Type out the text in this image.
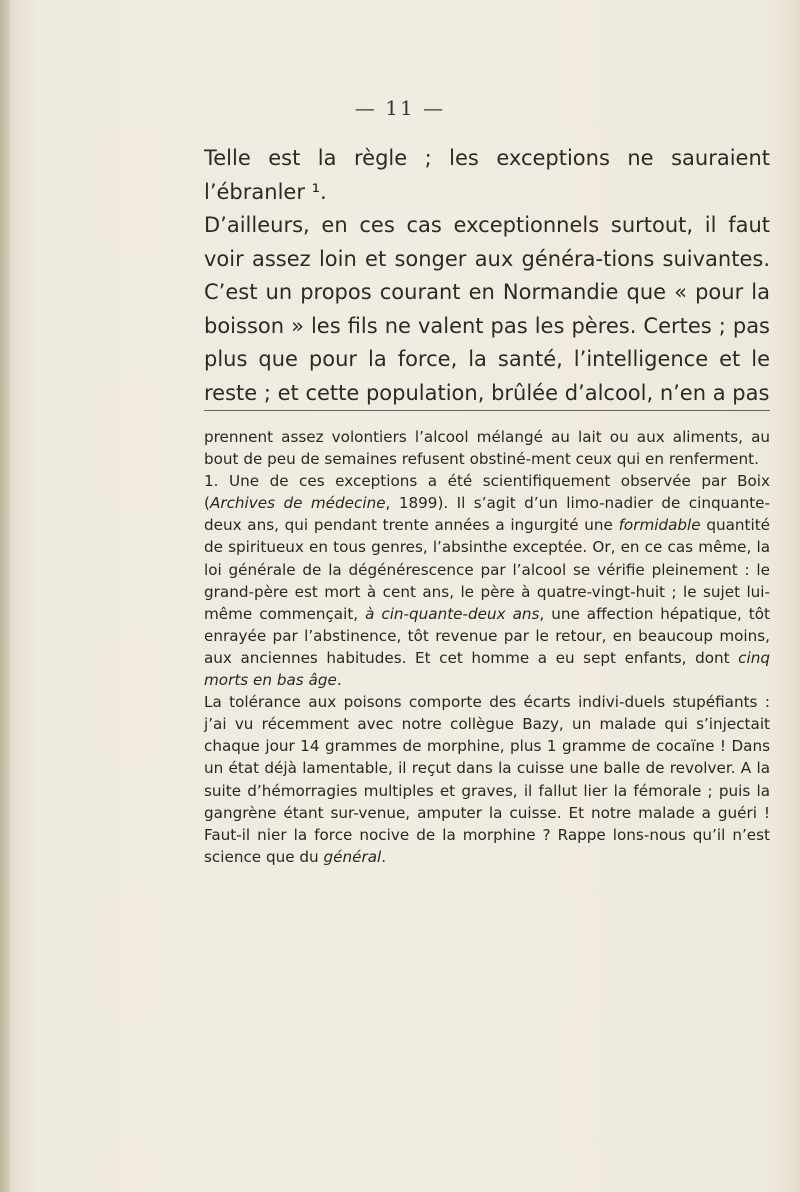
— 11 —

Telle est la règle ; les exceptions ne sauraient l’ébranler ¹.

D’ailleurs, en ces cas exceptionnels surtout, il faut voir assez loin et songer aux généra-tions suivantes. C’est un propos courant en Normandie que « pour la boisson » les fils ne valent pas les pères. Certes ; pas plus que pour la force, la santé, l’intelligence et le reste ; et cette population, brûlée d’alcool, n’en a pas

prennent assez volontiers l’alcool mélangé au lait ou aux aliments, au bout de peu de semaines refusent obstiné-ment ceux qui en renferment.

1. Une de ces exceptions a été scientifiquement observée par Boix (Archives de médecine, 1899). Il s’agit d’un limo-nadier de cinquante-deux ans, qui pendant trente années a ingurgité une formidable quantité de spiritueux en tous genres, l’absinthe exceptée. Or, en ce cas même, la loi générale de la dégénérescence par l’alcool se vérifie pleinement : le grand-père est mort à cent ans, le père à quatre-vingt-huit ; le sujet lui-même commençait, à cin-quante-deux ans, une affection hépatique, tôt enrayée par l’abstinence, tôt revenue par le retour, en beaucoup moins, aux anciennes habitudes. Et cet homme a eu sept enfants, dont cinq morts en bas âge.

La tolérance aux poisons comporte des écarts indivi-duels stupéfiants : j’ai vu récemment avec notre collègue Bazy, un malade qui s’injectait chaque jour 14 grammes de morphine, plus 1 gramme de cocaïne ! Dans un état déjà lamentable, il reçut dans la cuisse une balle de revolver. A la suite d’hémorragies multiples et graves, il fallut lier la fémorale ; puis la gangrène étant sur-venue, amputer la cuisse. Et notre malade a guéri ! Faut-il nier la force nocive de la morphine ? Rappe lons-nous qu’il n’est science que du général.
